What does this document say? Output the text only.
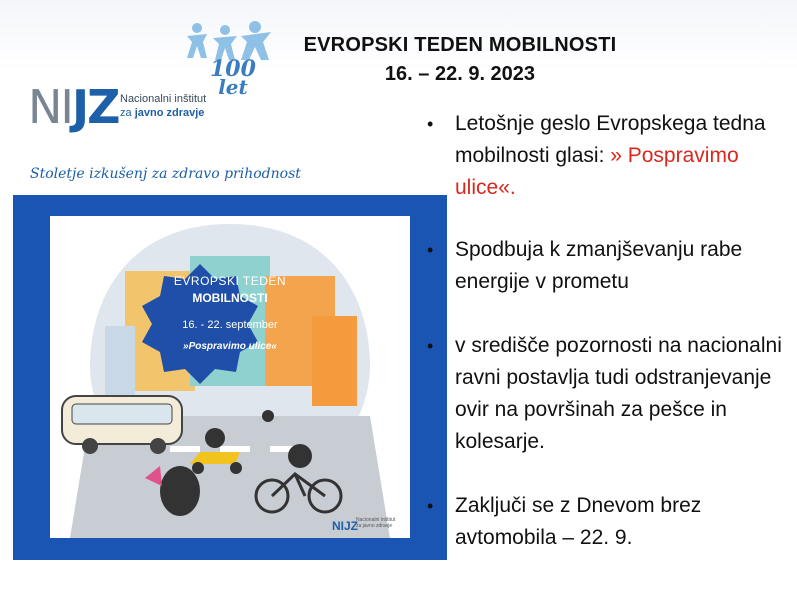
EVROPSKI TEDEN MOBILNOSTI
16. – 22. 9. 2023
100
let
NIJZ Nacionalni inštitut
za javno zdravje
Stoletje izkušenj za zdravo prihodnost
EVROPSKI TEDEN
MOBILNOSTI
16. - 22. september
»Pospravimo ulice«
NIJZ
Nacionalni inštitut
za javno zdravje
• Letošnje geslo Evropskega tedna mobilnosti glasi: » Pospravimo ulice«.
• Spodbuja k zmanjševanju rabe energije v prometu
• v središče pozornosti na nacionalni ravni postavlja tudi odstranjevanje ovir na površinah za pešce in kolesarje.
• Zaključi se z Dnevom brez avtomobila – 22. 9.
